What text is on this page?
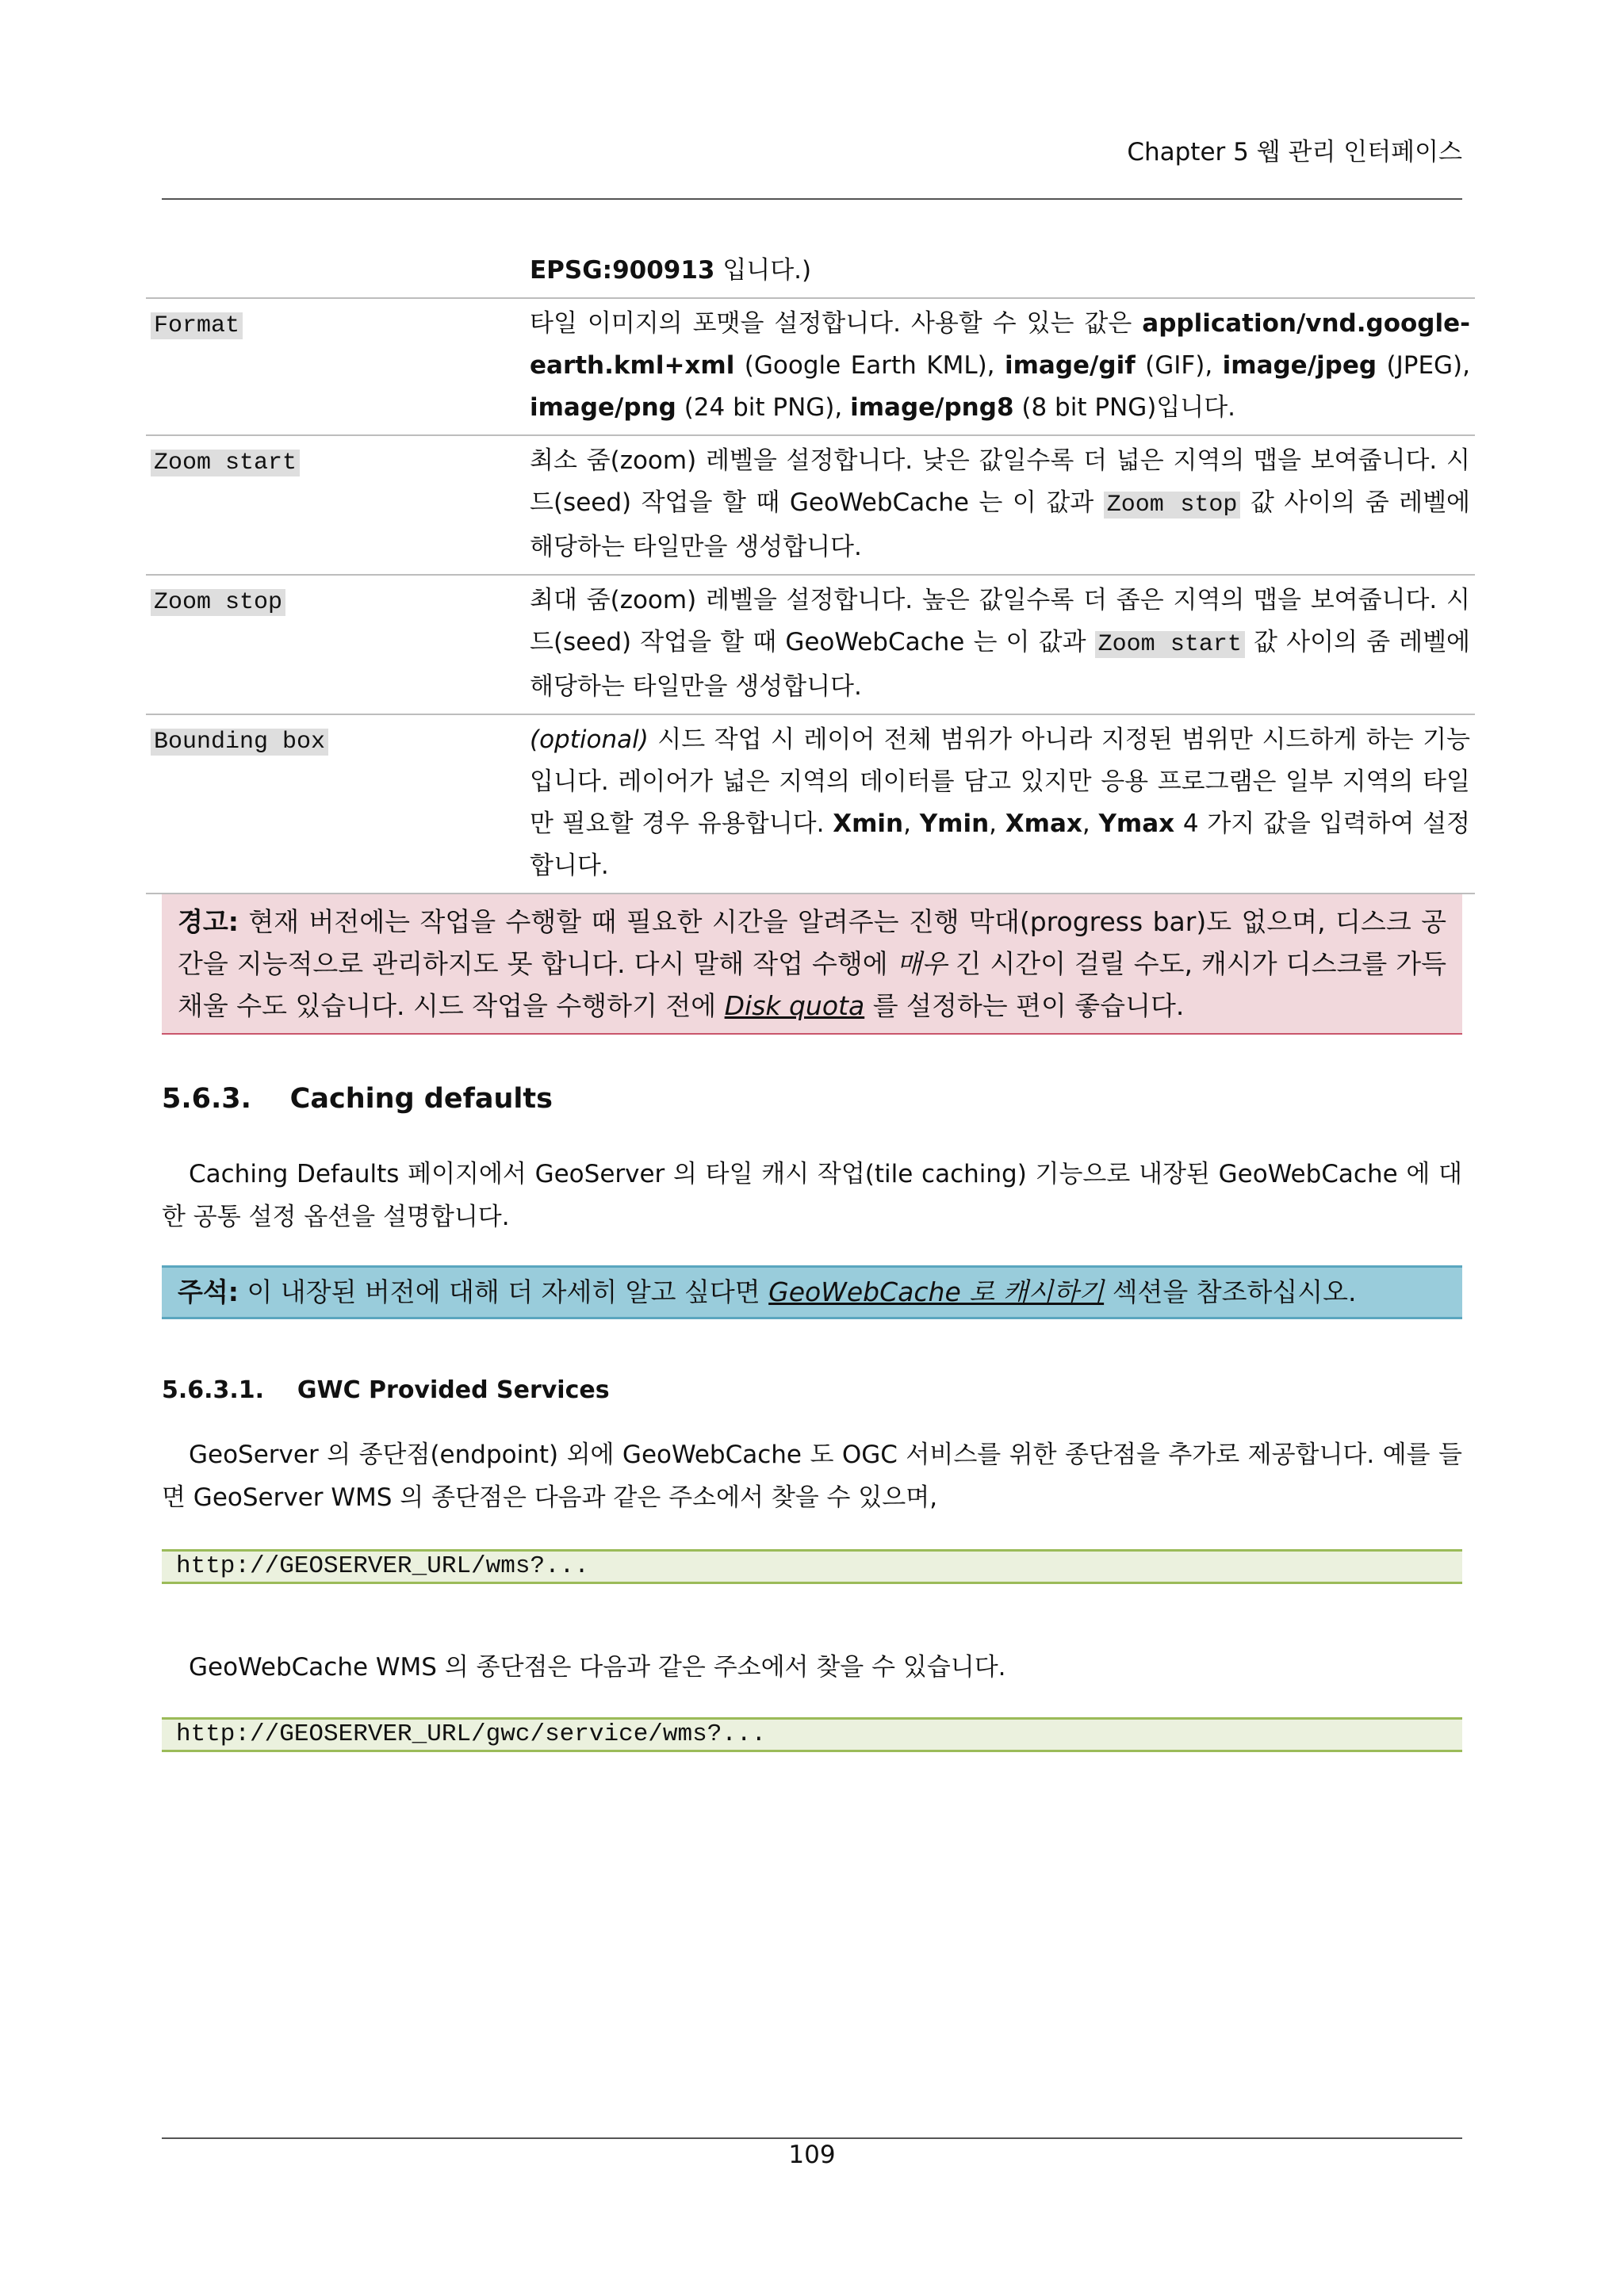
Chapter 5 웹 관리 인터페이스
	EPSG:900913 입니다.)
Format	타일 이미지의 포맷을 설정합니다. 사용할 수 있는 값은 application/vnd.google-earth.kml+xml (Google Earth KML), image/gif (GIF), image/jpeg (JPEG), image/png (24 bit PNG), image/png8 (8 bit PNG)입니다.
Zoom start	최소 줌(zoom) 레벨을 설정합니다. 낮은 값일수록 더 넓은 지역의 맵을 보여줍니다. 시드(seed) 작업을 할 때 GeoWebCache 는 이 값과 Zoom stop 값 사이의 줌 레벨에 해당하는 타일만을 생성합니다.
Zoom stop	최대 줌(zoom) 레벨을 설정합니다. 높은 값일수록 더 좁은 지역의 맵을 보여줍니다. 시드(seed) 작업을 할 때 GeoWebCache 는 이 값과 Zoom start 값 사이의 줌 레벨에 해당하는 타일만을 생성합니다.
Bounding box	(optional) 시드 작업 시 레이어 전체 범위가 아니라 지정된 범위만 시드하게 하는 기능입니다. 레이어가 넓은 지역의 데이터를 담고 있지만 응용 프로그램은 일부 지역의 타일만 필요할 경우 유용합니다. Xmin, Ymin, Xmax, Ymax 4 가지 값을 입력하여 설정합니다.
경고: 현재 버전에는 작업을 수행할 때 필요한 시간을 알려주는 진행 막대(progress bar)도 없으며, 디스크 공간을 지능적으로 관리하지도 못 합니다. 다시 말해 작업 수행에 매우 긴 시간이 걸릴 수도, 캐시가 디스크를 가득 채울 수도 있습니다. 시드 작업을 수행하기 전에 Disk quota 를 설정하는 편이 좋습니다.
5.6.3.    Caching defaults
Caching Defaults 페이지에서 GeoServer 의 타일 캐시 작업(tile caching) 기능으로 내장된 GeoWebCache 에 대한 공통 설정 옵션을 설명합니다.
주석: 이 내장된 버전에 대해 더 자세히 알고 싶다면 GeoWebCache 로 캐시하기 섹션을 참조하십시오.
5.6.3.1.    GWC Provided Services
GeoServer 의 종단점(endpoint) 외에 GeoWebCache 도 OGC 서비스를 위한 종단점을 추가로 제공합니다. 예를 들면 GeoServer WMS 의 종단점은 다음과 같은 주소에서 찾을 수 있으며,
http://GEOSERVER_URL/wms?...
GeoWebCache WMS 의 종단점은 다음과 같은 주소에서 찾을 수 있습니다.
http://GEOSERVER_URL/gwc/service/wms?...
109
